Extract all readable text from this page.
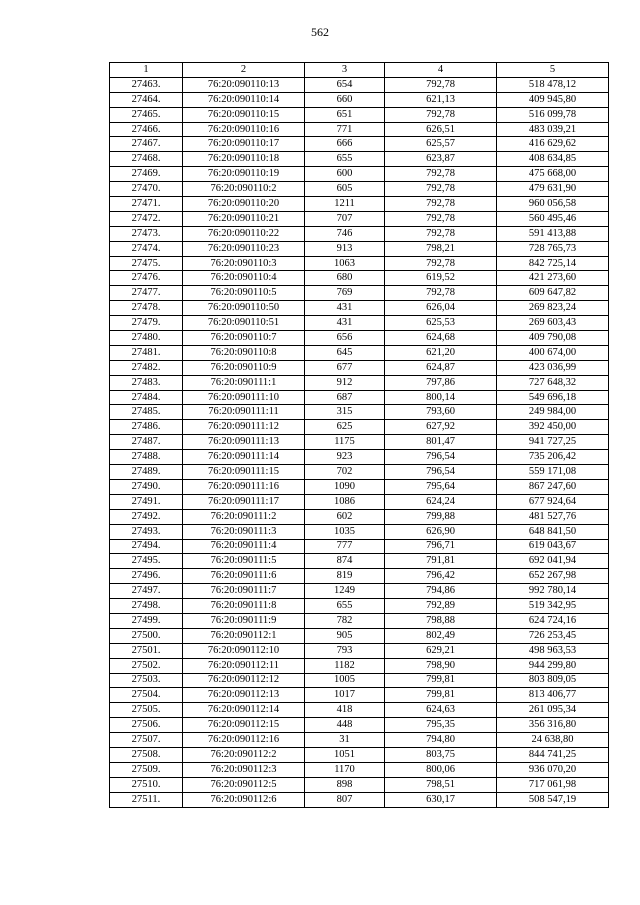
562
1	2	3	4	5
27463.	76:20:090110:13	654	792,78	518 478,12
27464.	76:20:090110:14	660	621,13	409 945,80
27465.	76:20:090110:15	651	792,78	516 099,78
27466.	76:20:090110:16	771	626,51	483 039,21
27467.	76:20:090110:17	666	625,57	416 629,62
27468.	76:20:090110:18	655	623,87	408 634,85
27469.	76:20:090110:19	600	792,78	475 668,00
27470.	76:20:090110:2	605	792,78	479 631,90
27471.	76:20:090110:20	1211	792,78	960 056,58
27472.	76:20:090110:21	707	792,78	560 495,46
27473.	76:20:090110:22	746	792,78	591 413,88
27474.	76:20:090110:23	913	798,21	728 765,73
27475.	76:20:090110:3	1063	792,78	842 725,14
27476.	76:20:090110:4	680	619,52	421 273,60
27477.	76:20:090110:5	769	792,78	609 647,82
27478.	76:20:090110:50	431	626,04	269 823,24
27479.	76:20:090110:51	431	625,53	269 603,43
27480.	76:20:090110:7	656	624,68	409 790,08
27481.	76:20:090110:8	645	621,20	400 674,00
27482.	76:20:090110:9	677	624,87	423 036,99
27483.	76:20:090111:1	912	797,86	727 648,32
27484.	76:20:090111:10	687	800,14	549 696,18
27485.	76:20:090111:11	315	793,60	249 984,00
27486.	76:20:090111:12	625	627,92	392 450,00
27487.	76:20:090111:13	1175	801,47	941 727,25
27488.	76:20:090111:14	923	796,54	735 206,42
27489.	76:20:090111:15	702	796,54	559 171,08
27490.	76:20:090111:16	1090	795,64	867 247,60
27491.	76:20:090111:17	1086	624,24	677 924,64
27492.	76:20:090111:2	602	799,88	481 527,76
27493.	76:20:090111:3	1035	626,90	648 841,50
27494.	76:20:090111:4	777	796,71	619 043,67
27495.	76:20:090111:5	874	791,81	692 041,94
27496.	76:20:090111:6	819	796,42	652 267,98
27497.	76:20:090111:7	1249	794,86	992 780,14
27498.	76:20:090111:8	655	792,89	519 342,95
27499.	76:20:090111:9	782	798,88	624 724,16
27500.	76:20:090112:1	905	802,49	726 253,45
27501.	76:20:090112:10	793	629,21	498 963,53
27502.	76:20:090112:11	1182	798,90	944 299,80
27503.	76:20:090112:12	1005	799,81	803 809,05
27504.	76:20:090112:13	1017	799,81	813 406,77
27505.	76:20:090112:14	418	624,63	261 095,34
27506.	76:20:090112:15	448	795,35	356 316,80
27507.	76:20:090112:16	31	794,80	24 638,80
27508.	76:20:090112:2	1051	803,75	844 741,25
27509.	76:20:090112:3	1170	800,06	936 070,20
27510.	76:20:090112:5	898	798,51	717 061,98
27511.	76:20:090112:6	807	630,17	508 547,19
